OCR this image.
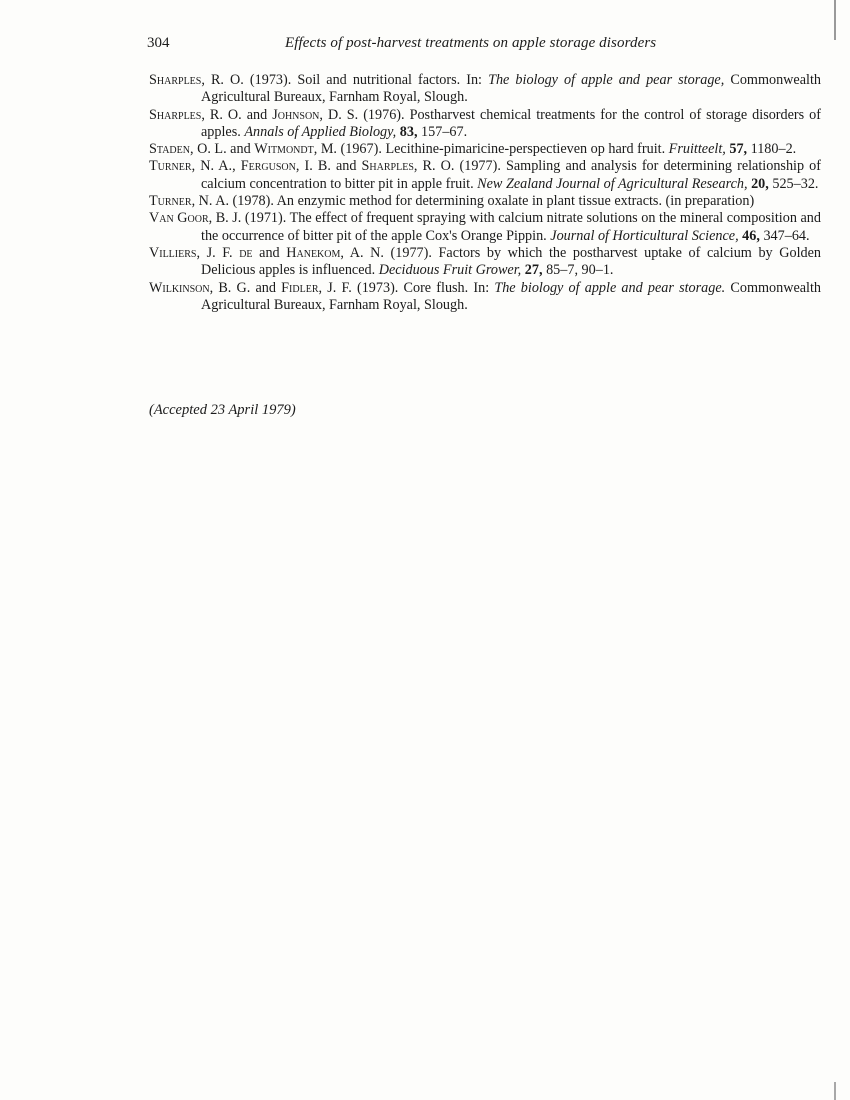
304	Effects of post-harvest treatments on apple storage disorders

Sharples, R. O. (1973). Soil and nutritional factors. In: The biology of apple and pear storage, Commonwealth Agricultural Bureaux, Farnham Royal, Slough.

Sharples, R. O. and Johnson, D. S. (1976). Postharvest chemical treatments for the control of storage disorders of apples. Annals of Applied Biology, 83, 157–67.

Staden, O. L. and Witmondt, M. (1967). Lecithine-pimaricine-perspectieven op hard fruit. Fruitteelt, 57, 1180–2.

Turner, N. A., Ferguson, I. B. and Sharples, R. O. (1977). Sampling and analysis for determining relationship of calcium concentration to bitter pit in apple fruit. New Zealand Journal of Agricultural Research, 20, 525–32.

Turner, N. A. (1978). An enzymic method for determining oxalate in plant tissue extracts. (in preparation)

Van Goor, B. J. (1971). The effect of frequent spraying with calcium nitrate solutions on the mineral composition and the occurrence of bitter pit of the apple Cox's Orange Pippin. Journal of Horticultural Science, 46, 347–64.

Villiers, J. F. de and Hanekom, A. N. (1977). Factors by which the postharvest uptake of calcium by Golden Delicious apples is influenced. Deciduous Fruit Grower, 27, 85–7, 90–1.

Wilkinson, B. G. and Fidler, J. F. (1973). Core flush. In: The biology of apple and pear storage. Commonwealth Agricultural Bureaux, Farnham Royal, Slough.

(Accepted 23 April 1979)
